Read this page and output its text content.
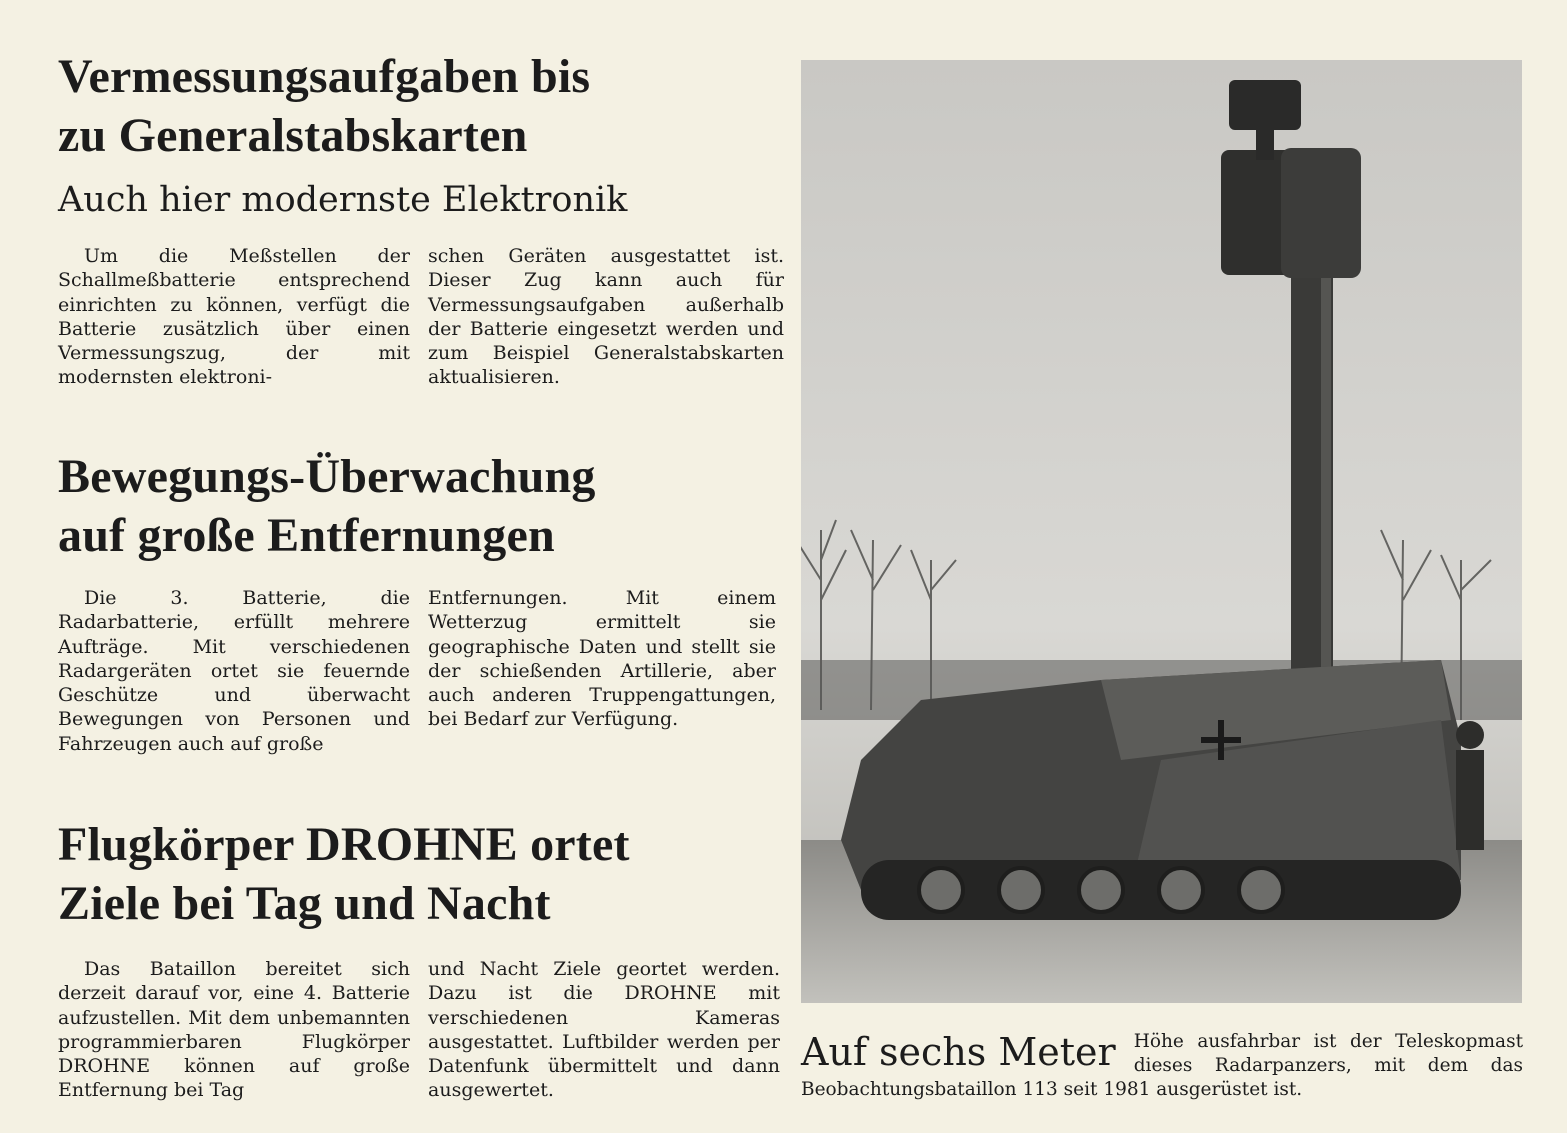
Vermessungsaufgaben bis
zu Generalstabskarten
Auch hier modernste Elektronik

Um die Meßstellen der Schallmeßbatterie entsprechend einrichten zu können, verfügt die Batterie zusätzlich über einen Vermessungszug, der mit modernsten elektroni-

schen Geräten ausgestattet ist. Dieser Zug kann auch für Vermessungsaufgaben außerhalb der Batterie eingesetzt werden und zum Beispiel Generalstabskarten aktualisieren.

Bewegungs-Überwachung
auf große Entfernungen

Die 3. Batterie, die Radarbatterie, erfüllt mehrere Aufträge. Mit verschiedenen Radargeräten ortet sie feuernde Geschütze und überwacht Bewegungen von Personen und Fahrzeugen auch auf große

Entfernungen. Mit einem Wetterzug ermittelt sie geographische Daten und stellt sie der schießenden Artillerie, aber auch anderen Truppengattungen, bei Bedarf zur Verfügung.

Flugkörper DROHNE ortet
Ziele bei Tag und Nacht

Das Bataillon bereitet sich derzeit darauf vor, eine 4. Batterie aufzustellen. Mit dem unbemannten programmierbaren Flugkörper DROHNE können auf große Entfernung bei Tag

und Nacht Ziele geortet werden. Dazu ist die DROHNE mit verschiedenen Kameras ausgestattet. Luftbilder werden per Datenfunk übermittelt und dann ausgewertet.

Auf sechs Meter Höhe ausfahrbar ist der Teleskopmast dieses Radarpanzers, mit dem das Beobachtungsbataillon 113 seit 1981 ausgerüstet ist.
